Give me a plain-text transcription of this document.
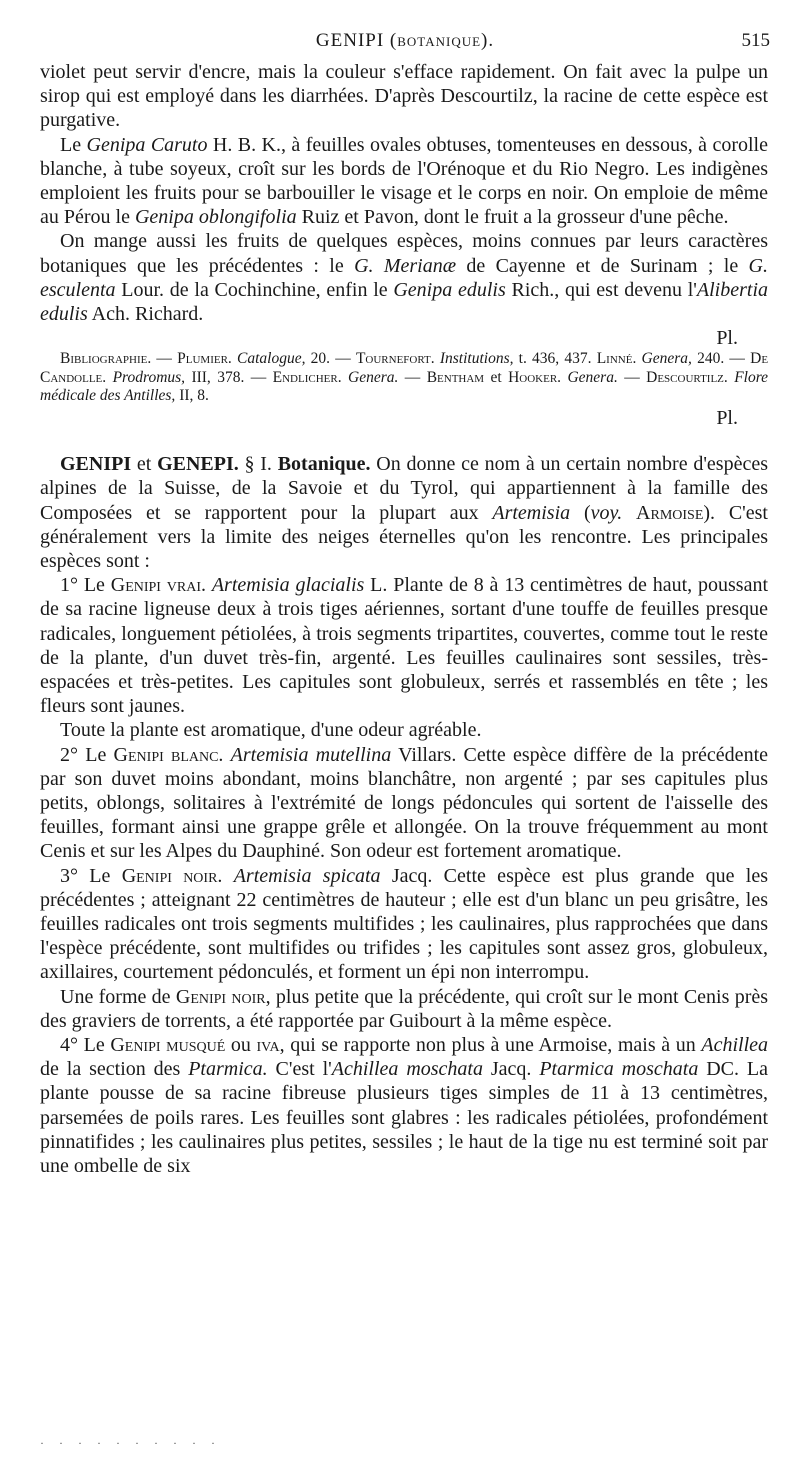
GENIPI (botanique).	515

violet peut servir d'encre, mais la couleur s'efface rapidement. On fait avec la pulpe un sirop qui est employé dans les diarrhées. D'après Descourtilz, la racine de cette espèce est purgative.

Le Genipa Caruto H. B. K., à feuilles ovales obtuses, tomenteuses en dessous, à corolle blanche, à tube soyeux, croît sur les bords de l'Orénoque et du Rio Negro. Les indigènes emploient les fruits pour se barbouiller le visage et le corps en noir. On emploie de même au Pérou le Genipa oblongifolia Ruiz et Pavon, dont le fruit a la grosseur d'une pêche.

On mange aussi les fruits de quelques espèces, moins connues par leurs caractères botaniques que les précédentes : le G. Merianæ de Cayenne et de Surinam ; le G. esculenta Lour. de la Cochinchine, enfin le Genipa edulis Rich., qui est devenu l'Alibertia edulis Ach. Richard.

Pl.

Bibliographie. — Plumier. Catalogue, 20. — Tournefort. Institutions, t. 436, 437. Linné. Genera, 240. — De Candolle. Prodromus, III, 378. — Endlicher. Genera. — Bentham et Hooker. Genera. — Descourtilz. Flore médicale des Antilles, II, 8.

Pl.

GENIPI et GENEPI. § I. Botanique. On donne ce nom à un certain nombre d'espèces alpines de la Suisse, de la Savoie et du Tyrol, qui appartiennent à la famille des Composées et se rapportent pour la plupart aux Artemisia (voy. Armoise). C'est généralement vers la limite des neiges éternelles qu'on les rencontre. Les principales espèces sont :

1° Le Genipi vrai. Artemisia glacialis L. Plante de 8 à 13 centimètres de haut, poussant de sa racine ligneuse deux à trois tiges aériennes, sortant d'une touffe de feuilles presque radicales, longuement pétiolées, à trois segments tripartites, couvertes, comme tout le reste de la plante, d'un duvet très-fin, argenté. Les feuilles caulinaires sont sessiles, très-espacées et très-petites. Les capitules sont globuleux, serrés et rassemblés en tête ; les fleurs sont jaunes.

Toute la plante est aromatique, d'une odeur agréable.

2° Le Genipi blanc. Artemisia mutellina Villars. Cette espèce diffère de la précédente par son duvet moins abondant, moins blanchâtre, non argenté ; par ses capitules plus petits, oblongs, solitaires à l'extrémité de longs pédoncules qui sortent de l'aisselle des feuilles, formant ainsi une grappe grêle et allongée. On la trouve fréquemment au mont Cenis et sur les Alpes du Dauphiné. Son odeur est fortement aromatique.

3° Le Genipi noir. Artemisia spicata Jacq. Cette espèce est plus grande que les précédentes ; atteignant 22 centimètres de hauteur ; elle est d'un blanc un peu grisâtre, les feuilles radicales ont trois segments multifides ; les caulinaires, plus rapprochées que dans l'espèce précédente, sont multifides ou trifides ; les capitules sont assez gros, globuleux, axillaires, courtement pédonculés, et forment un épi non interrompu.

Une forme de Genipi noir, plus petite que la précédente, qui croît sur le mont Cenis près des graviers de torrents, a été rapportée par Guibourt à la même espèce.

4° Le Genipi musqué ou iva, qui se rapporte non plus à une Armoise, mais à un Achillea de la section des Ptarmica. C'est l'Achillea moschata Jacq. Ptarmica moschata DC. La plante pousse de sa racine fibreuse plusieurs tiges simples de 11 à 13 centimètres, parsemées de poils rares. Les feuilles sont glabres : les radicales pétiolées, profondément pinnatifides ; les caulinaires plus petites, sessiles ; le haut de la tige nu est terminé soit par une ombelle de six

· · · · · · · · · ·
